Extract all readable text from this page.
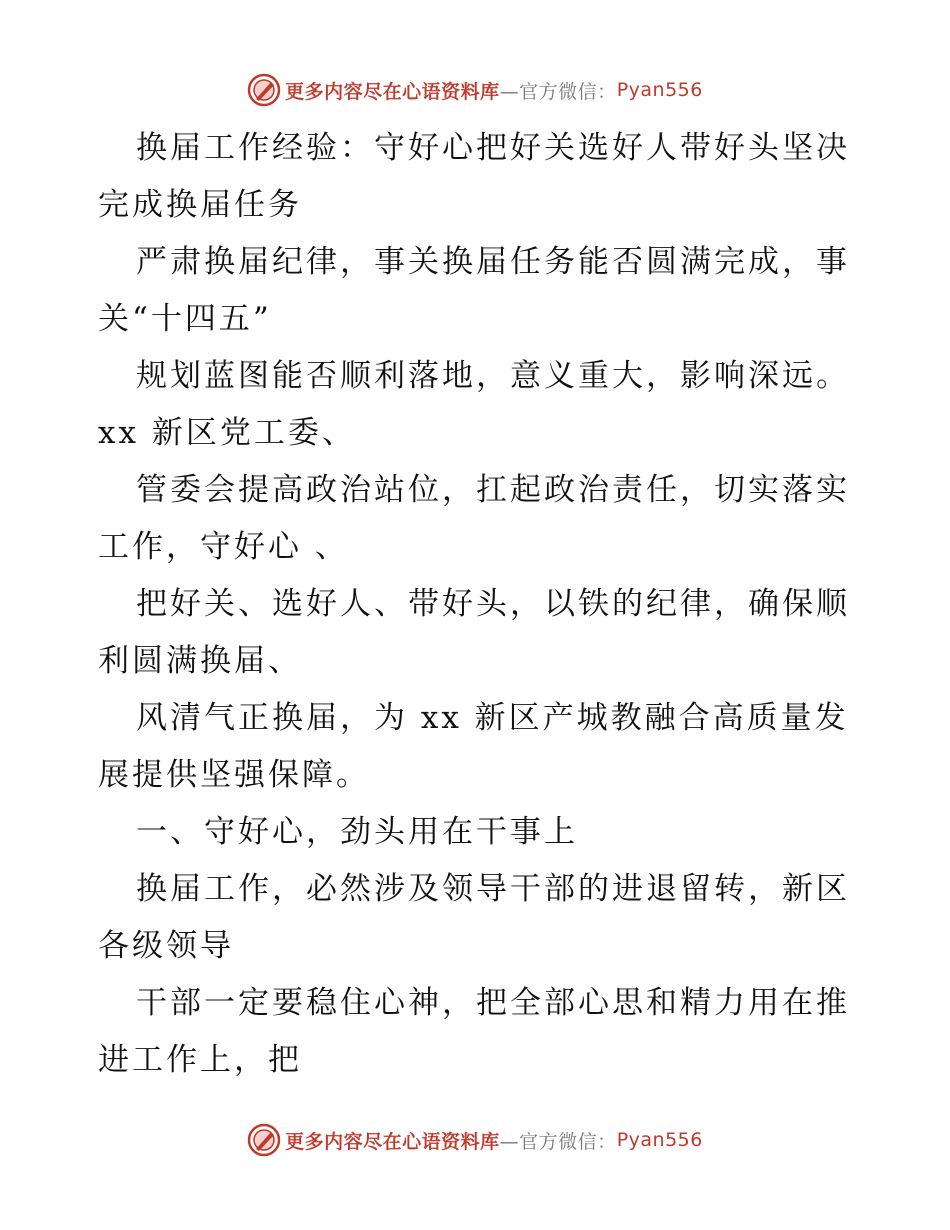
更多内容尽在心语资料库 —官方微信： Pyan556

换届工作经验：守好心把好关选好人带好头坚决完成换届任务

严肃换届纪律，事关换届任务能否圆满完成，事关“十四五”

规划蓝图能否顺利落地，意义重大，影响深远。xx 新区党工委、

管委会提高政治站位，扛起政治责任，切实落实工作，守好心 、

把好关、选好人、带好头，以铁的纪律，确保顺利圆满换届、

风清气正换届，为 xx 新区产城教融合高质量发展提供坚强保障。

一、守好心，劲头用在干事上

换届工作，必然涉及领导干部的进退留转，新区各级领导

干部一定要稳住心神，把全部心思和精力用在推进工作上，把

更多内容尽在心语资料库 —官方微信： Pyan556
